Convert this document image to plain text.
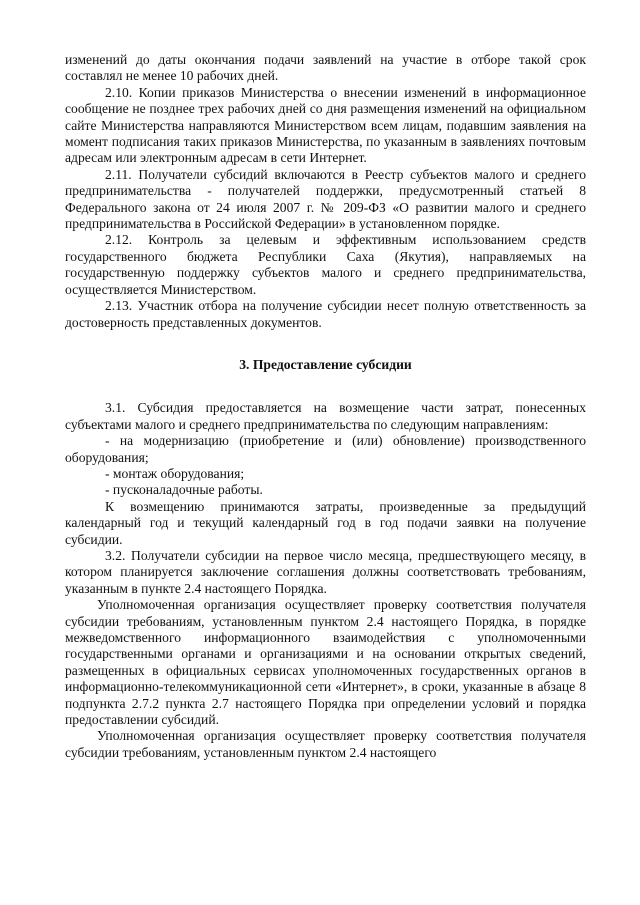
изменений до даты окончания подачи заявлений на участие в отборе такой срок составлял не менее 10 рабочих дней.

2.10. Копии приказов Министерства о внесении изменений в информационное сообщение не позднее трех рабочих дней со дня размещения изменений на официальном сайте Министерства направляются Министерством всем лицам, подавшим заявления на момент подписания таких приказов Министерства, по указанным в заявлениях почтовым адресам или электронным адресам в сети Интернет.

2.11. Получатели субсидий включаются в Реестр субъектов малого и среднего предпринимательства - получателей поддержки, предусмотренный статьей 8 Федерального закона от 24 июля 2007 г. № 209-ФЗ «О развитии малого и среднего предпринимательства в Российской Федерации» в установленном порядке.

2.12. Контроль за целевым и эффективным использованием средств государственного бюджета Республики Саха (Якутия), направляемых на государственную поддержку субъектов малого и среднего предпринимательства, осуществляется Министерством.

2.13. Участник отбора на получение субсидии несет полную ответственность за достоверность представленных документов.

3. Предоставление субсидии

3.1. Субсидия предоставляется на возмещение части затрат, понесенных субъектами малого и среднего предпринимательства по следующим направлениям:

- на модернизацию (приобретение и (или) обновление) производственного оборудования;

- монтаж оборудования;

- пусконаладочные работы.

К возмещению принимаются затраты, произведенные за предыдущий календарный год и текущий календарный год в год подачи заявки на получение субсидии.

3.2. Получатели субсидии на первое число месяца, предшествующего месяцу, в котором планируется заключение соглашения должны соответствовать требованиям, указанным в пункте 2.4 настоящего Порядка.

Уполномоченная организация осуществляет проверку соответствия получателя субсидии требованиям, установленным пунктом 2.4 настоящего Порядка, в порядке межведомственного информационного взаимодействия с уполномоченными государственными органами и организациями и на основании открытых сведений, размещенных в официальных сервисах уполномоченных государственных органов в информационно-телекоммуникационной сети «Интернет», в сроки, указанные в абзаце 8 подпункта 2.7.2 пункта 2.7 настоящего Порядка при определении условий и порядка предоставлении субсидий.

Уполномоченная организация осуществляет проверку соответствия получателя субсидии требованиям, установленным пунктом 2.4 настоящего
